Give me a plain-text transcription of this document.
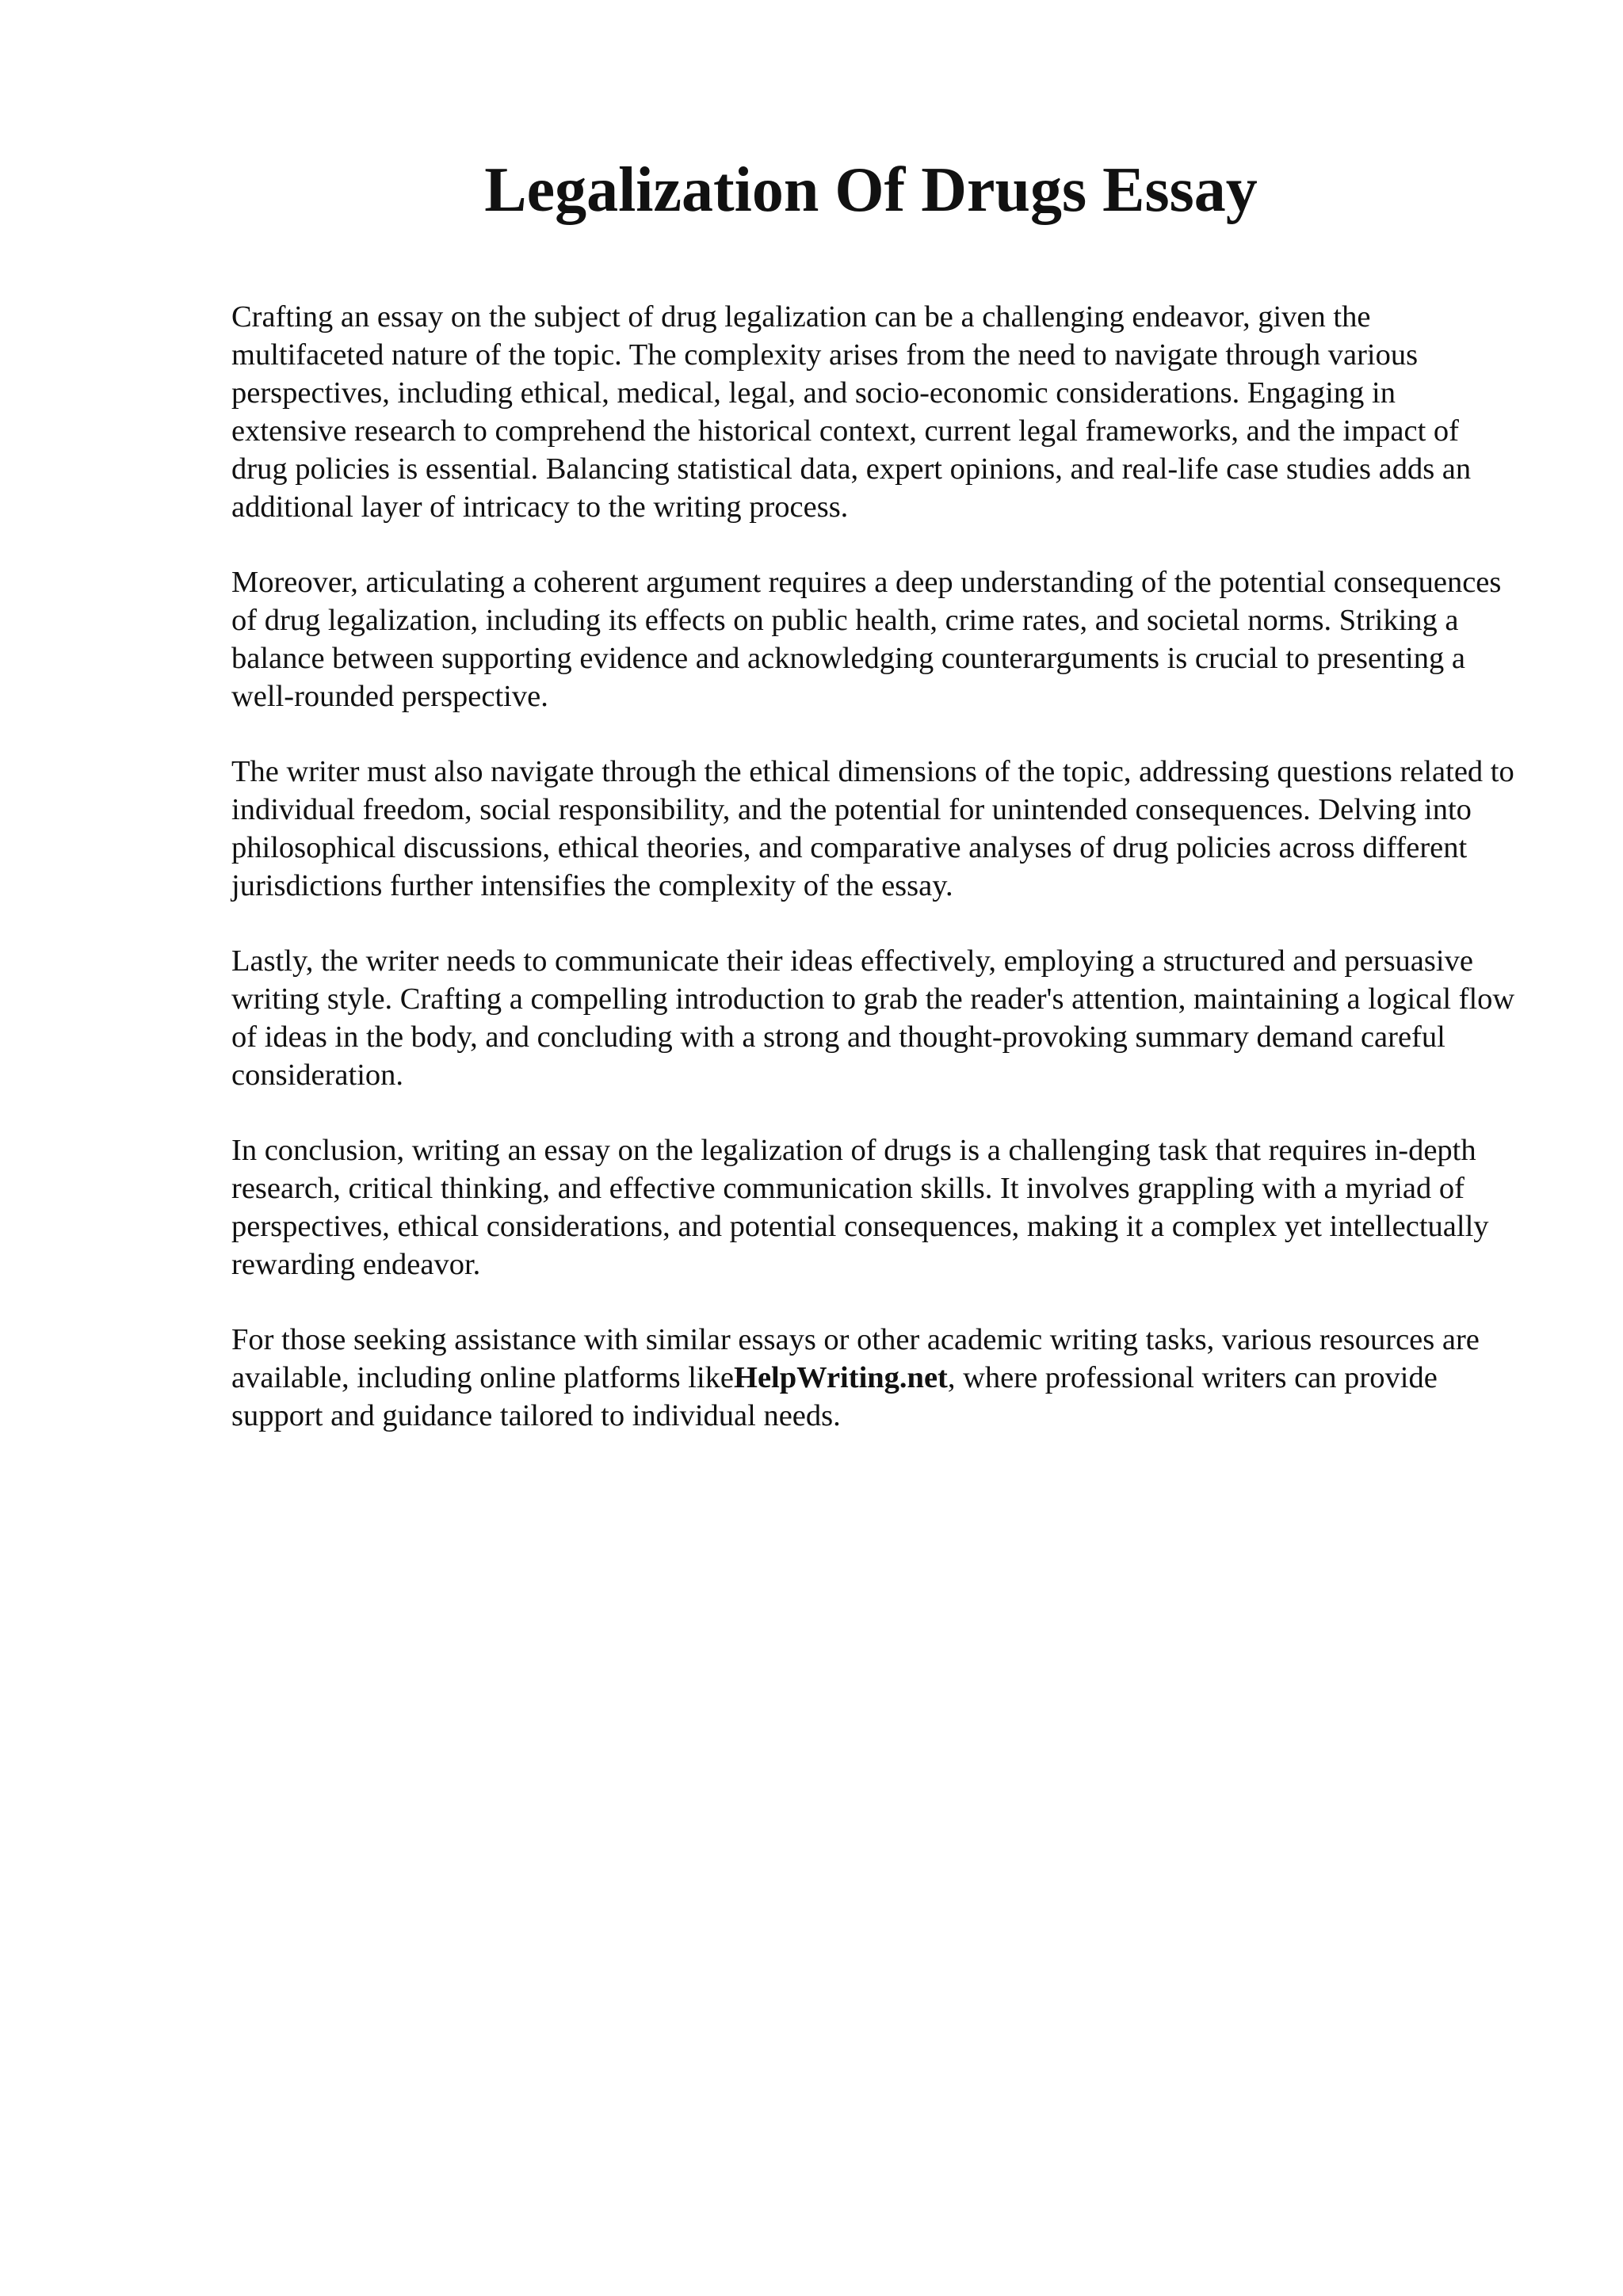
Legalization Of Drugs Essay

Crafting an essay on the subject of drug legalization can be a challenging endeavor, given the multifaceted nature of the topic. The complexity arises from the need to navigate through various perspectives, including ethical, medical, legal, and socio-economic considerations. Engaging in extensive research to comprehend the historical context, current legal frameworks, and the impact of drug policies is essential. Balancing statistical data, expert opinions, and real-life case studies adds an additional layer of intricacy to the writing process.

Moreover, articulating a coherent argument requires a deep understanding of the potential consequences of drug legalization, including its effects on public health, crime rates, and societal norms. Striking a balance between supporting evidence and acknowledging counterarguments is crucial to presenting a well-rounded perspective.

The writer must also navigate through the ethical dimensions of the topic, addressing questions related to individual freedom, social responsibility, and the potential for unintended consequences. Delving into philosophical discussions, ethical theories, and comparative analyses of drug policies across different jurisdictions further intensifies the complexity of the essay.

Lastly, the writer needs to communicate their ideas effectively, employing a structured and persuasive writing style. Crafting a compelling introduction to grab the reader's attention, maintaining a logical flow of ideas in the body, and concluding with a strong and thought-provoking summary demand careful consideration.

In conclusion, writing an essay on the legalization of drugs is a challenging task that requires in-depth research, critical thinking, and effective communication skills. It involves grappling with a myriad of perspectives, ethical considerations, and potential consequences, making it a complex yet intellectually rewarding endeavor.

For those seeking assistance with similar essays or other academic writing tasks, various resources are available, including online platforms likeHelpWriting.net, where professional writers can provide support and guidance tailored to individual needs.
